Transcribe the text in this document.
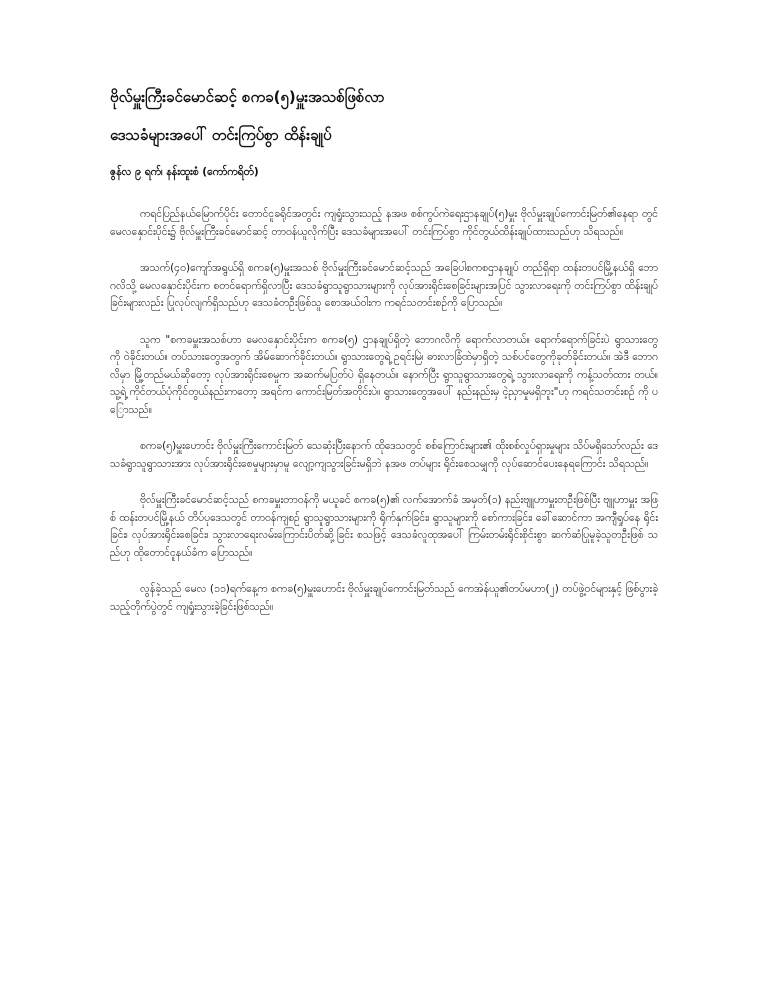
ဗိုလ်မှူးကြီးခင်မောင်ဆင့် စကခ(၅)မှူးအသစ်ဖြစ်လာ
ဒေသခံများအပေါ် တင်းကြပ်စွာ ထိန်းချုပ်
ဇွန်လ ၉ ရက်၊ နန်းထူးစံ (ကော်ကရိတ်)

ကရင်ပြည်နယ်မြောက်ပိုင်း တောင်ငူခရိုင်အတွင်း ကျရှုံးသွားသည့် နအဖ စစ်ကွပ်ကဲရေးဌာနချုပ်(၅)မှူး ဗိုလ်မှူးချုပ်ကောင်းမြတ်၏နေရာ တွင် မေလနှောင်းပိုင်း၌ ဗိုလ်မှူးကြီးခင်မောင်ဆင့် တာဝန်ယူလိုက်ပြီး ဒေသခံများအပေါ် တင်းကြပ်စွာ ကိုင်တွယ်ထိန်းချုပ်ထားသည်ဟု သိရသည်။

အသက်(၄၀)ကျော်အရွယ်ရှိ စကခ(၅)မှူးအသစ် ဗိုလ်မှူးကြီးခင်မောင်ဆင့်သည် အခြေပါစကစဌာနချုပ် တည်ရှိရာ ထန်းတပင်မြို့နယ်ရှိ ဘော ဂလိသို့ မေလနှောင်းပိုင်းက စတင်ရောက်ရှိလာပြီး ဒေသခံရွာသူရွာသားများကို လုပ်အားရိုင်းစေခြင်းများအပြင် သွားလာရေးကို တင်းကြပ်စွာ ထိန်းချုပ် ခြင်းများလည်း ပြုလုပ်လျက်ရှိသည်ဟု ဒေသခံတဦးဖြစ်သူ စောအယ်ဝါးက ကရင်သတင်းစဉ်ကို ပြောသည်။

သူက "စကခမှူးအသစ်ဟာ မေလနှောင်းပိုင်းက စကခ(၅) ဌာနချုပ်ရှိတဲ့ ဘောဂလိကို ရောက်လာတယ်။ ရောက်ရောက်ခြင်းပဲ ရွာသားတွေ ကို ဝဲခိုင်းတယ်။ တပ်သားတွေအတွက် အိမ်ဆောက်ခိုင်းတယ်။ ရွာသားတွေရဲ့ ဥရင်းမြဲ၊ ဓားလာခြံထဲမှာရှိတဲ့ သစ်ပင်တွေကိုခုတ်ခိုင်းတယ်။ အဲဒီ ဘောဂလိမှာ မြို့တည်မယ်ဆိုတော့ လုပ်အားရိုင်းစေမှုက အဆက်မပြတ်ပဲ ရှိနေတယ်။ နောက်ပြီး ရွာသူရွာသားတွေရဲ့ သွားလာရေးကို ကန့်သတ်ထား တယ်။ သူ့ရဲ့ ကိုင်တယ်ပုံကိုင်တွယ်နည်းကတော့ အရင်က ကောင်းမြတ်အတိုင်းပဲ။ ရွာသားတွေအပေါ် နည်းနည်းမှ ငဲ့ညှာမှုမရှိဘူး"ဟု ကရင်သတင်းစဉ် ကို ပြောသည်။

စကခ(၅)မှူးဟောင်း ဗိုလ်မှူးကြီးကောင်းမြတ် သေဆုံးပြီးနောက် ထိုဒေသတွင် စစ်ကြောင်းများ၏ ထိုးစစ်လှုပ်ရှားမှုများ သိပ်မရှိသော်လည်း ဒေသခံရွာသူရွာသားအား လုပ်အားရိုင်းစေမှုများမှာမူ လျော့ကျသွားခြင်းမရှိဘဲ နအဖ တပ်များ ရိုင်းစေသမျှကို လုပ်ဆောင်ပေးနေရကြောင်း သိရသည်။

ဗိုလ်မှူးကြီးခင်မောင်ဆင့်သည် စကခမှူးတာဝန်ကို မယူခင် စကခ(၅)၏ လက်အောက်ခံ အမှတ်(၁) နည်းဗျူဟာမှူးတဦးဖြစ်ပြီး ဗျူဟာမှူး အဖြစ် ထန်းတပင်မြို့နယ် တိပ်ပုဒေသတွင် တာဝန်ကျစဉ် ရွာသူရွာသားများကို ရိုက်နှက်ခြင်း၊ ရွာသူများကို စော်ကားခြင်း၊ ခေါ်ဆောင်ကာ အကျီရှုပ်နေ ရိုင်းခြင်း၊ လုပ်အားရိုင်းစေခြင်း၊ သွားလာရေးလမ်းကြောင်းပိတ်ဆို့ခြင်း စသဖြင့် ဒေသခံလူထုအပေါ် ကြမ်းတမ်းရိုင်းစိုင်းစွာ ဆက်ဆံပြုမူခဲ့သူတဦးဖြစ် သည်ဟု ထိုတောင်ငူနယ်ခံက ပြောသည်။

လွန်ခဲ့သည် မေလ (၁၁)ရက်နေ့က စကခ(၅)မှူးဟောင်း ဗိုလ်မှူးချုပ်ကောင်းမြတ်သည် ကေအဲန်ယူ၏တပ်မဟာ(၂) တပ်ဖွဲ့ဝင်များနှင့် ဖြစ်ပွားခဲ့သည့်တိုက်ပွဲတွင် ကျရှုံးသွားခဲ့ခြင်းဖြစ်သည်။
